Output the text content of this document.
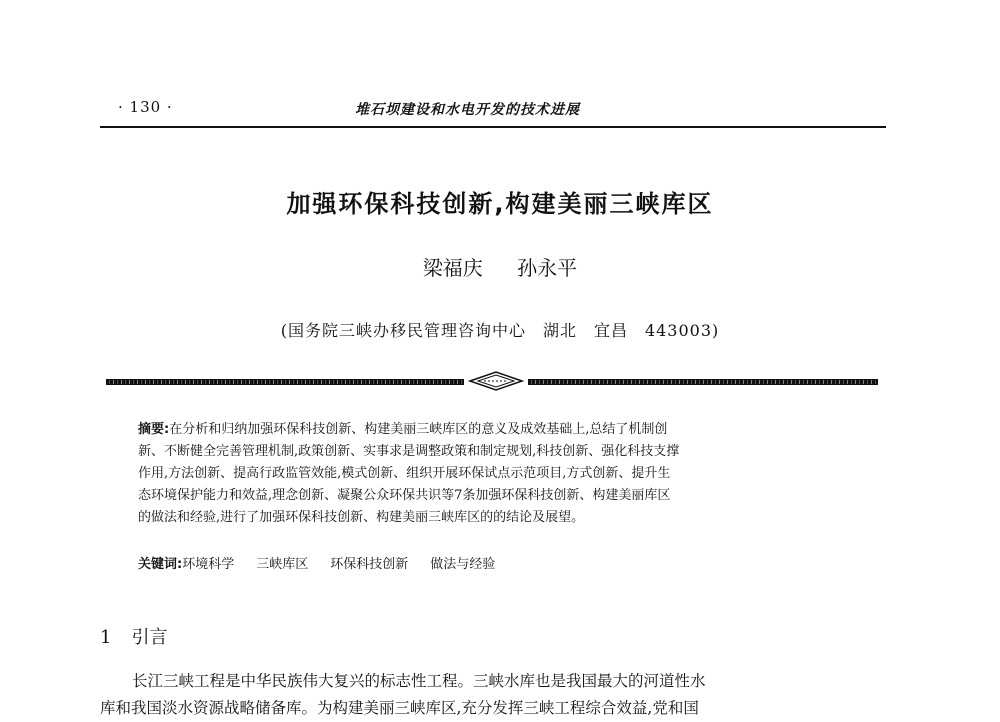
· 130 ·	堆石坝建设和水电开发的技术进展
加强环保科技创新,构建美丽三峡库区
梁福庆 孙永平
(国务院三峡办移民管理咨询中心　湖北　宜昌　443003)
摘要:在分析和归纳加强环保科技创新、构建美丽三峡库区的意义及成效基础上,总结了机制创
新、不断健全完善管理机制,政策创新、实事求是调整政策和制定规划,科技创新、强化科技支撑
作用,方法创新、提高行政监管效能,模式创新、组织开展环保试点示范项目,方式创新、提升生
态环境保护能力和效益,理念创新、凝聚公众环保共识等7条加强环保科技创新、构建美丽库区
的做法和经验,进行了加强环保科技创新、构建美丽三峡库区的的结论及展望。
关键词:环境科学 三峡库区 环保科技创新 做法与经验
1 引言
长江三峡工程是中华民族伟大复兴的标志性工程。三峡水库也是我国最大的河道性水
库和我国淡水资源战略储备库。为构建美丽三峡库区,充分发挥三峡工程综合效益,党和国
